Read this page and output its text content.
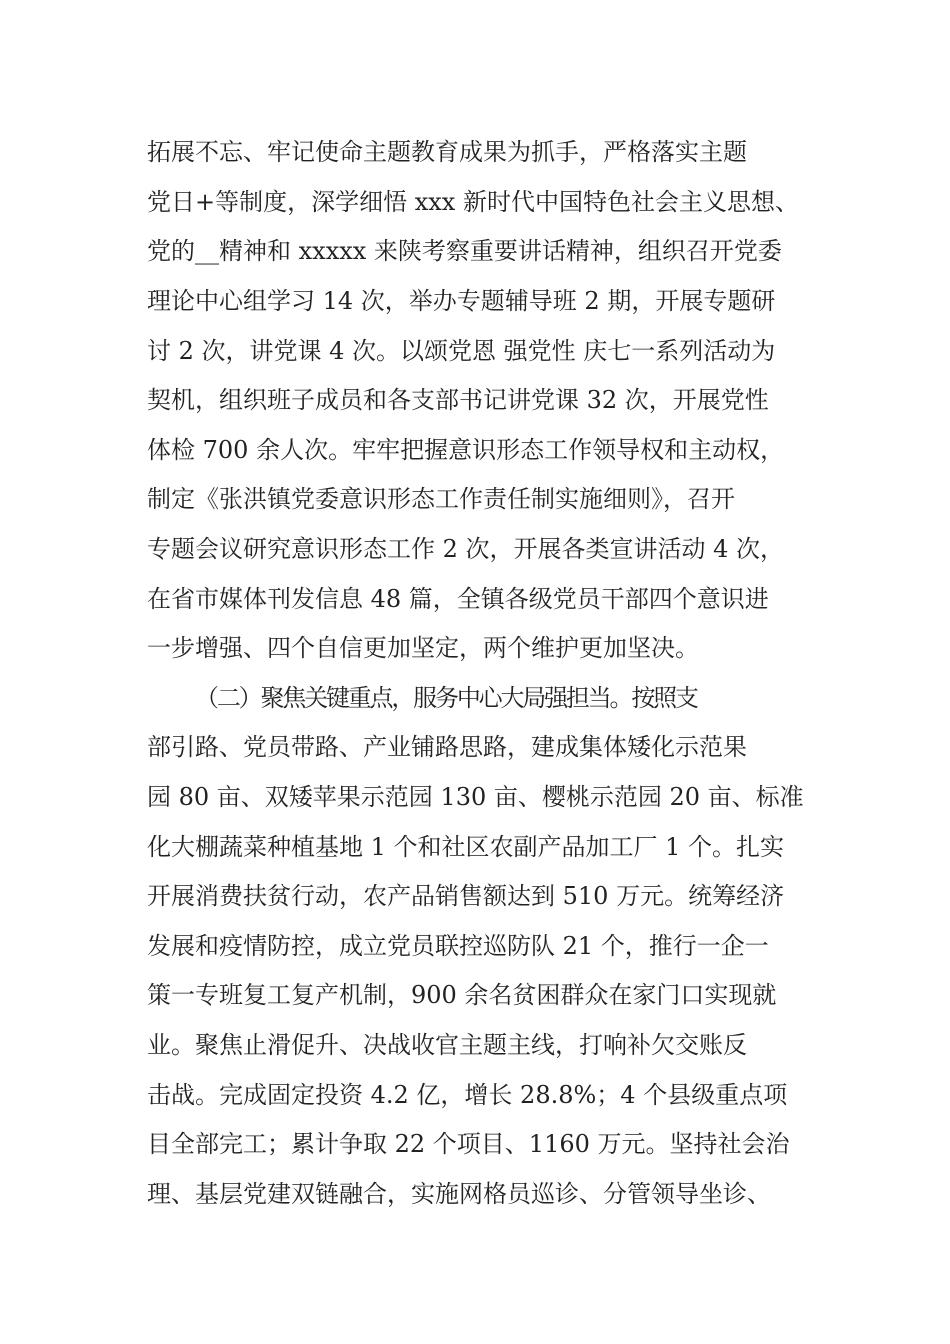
拓展不忘、牢记使命主题教育成果为抓手，严格落实主题
党日+等制度，深学细悟 xxx 新时代中国特色社会主义思想、
党的__精神和 xxxxx 来陕考察重要讲话精神，组织召开党委
理论中心组学习 14 次，举办专题辅导班 2 期，开展专题研
讨 2 次，讲党课 4 次。以颂党恩 强党性 庆七一系列活动为
契机，组织班子成员和各支部书记讲党课 32 次，开展党性
体检 700 余人次。牢牢把握意识形态工作领导权和主动权，
制定《张洪镇党委意识形态工作责任制实施细则》，召开
专题会议研究意识形态工作 2 次，开展各类宣讲活动 4 次，
在省市媒体刊发信息 48 篇，全镇各级党员干部四个意识进
一步增强、四个自信更加坚定，两个维护更加坚决。
（二）聚焦关键重点，服务中心大局强担当。按照支
部引路、党员带路、产业铺路思路，建成集体矮化示范果
园 80 亩、双矮苹果示范园 130 亩、樱桃示范园 20 亩、标准
化大棚蔬菜种植基地 1 个和社区农副产品加工厂 1 个。扎实
开展消费扶贫行动，农产品销售额达到 510 万元。统筹经济
发展和疫情防控，成立党员联控巡防队 21 个，推行一企一
策一专班复工复产机制，900 余名贫困群众在家门口实现就
业。聚焦止滑促升、决战收官主题主线，打响补欠交账反
击战。完成固定投资 4.2 亿，增长 28.8%；4 个县级重点项
目全部完工；累计争取 22 个项目、1160 万元。坚持社会治
理、基层党建双链融合，实施网格员巡诊、分管领导坐诊、
